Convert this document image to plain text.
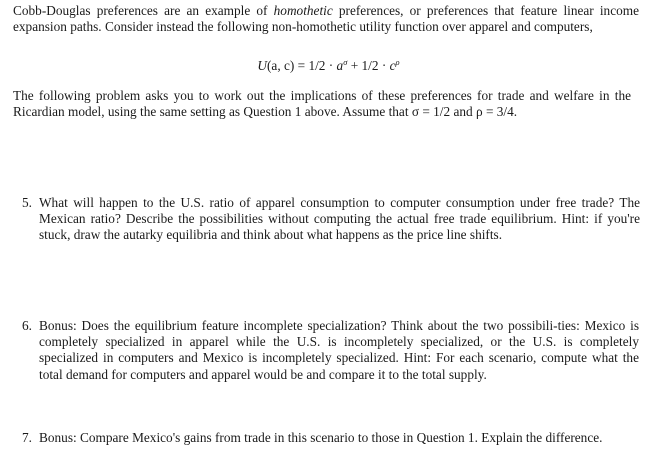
Cobb-Douglas preferences are an example of homothetic preferences, or preferences that feature linear income expansion paths. Consider instead the following non-homothetic utility function over apparel and computers,

U(a, $c) = 1/2 \cdot a^\sigma + 1/2 \cdot c^\rho$

The following problem asks you to work out the implications of these preferences for trade and welfare in the Ricardian model, using the same setting as Question 1 above. Assume that σ = 1/2 and ρ = 3/4.

5. What will happen to the U.S. ratio of apparel consumption to computer consumption under free trade? The Mexican ratio? Describe the possibilities without computing the actual free trade equilibrium. Hint: if you're stuck, draw the autarky equilibria and think about what happens as the price line shifts.

6. Bonus: Does the equilibrium feature incomplete specialization? Think about the two possibili-ties: Mexico is completely specialized in apparel while the U.S. is incompletely specialized, or the U.S. is completely specialized in computers and Mexico is incompletely specialized. Hint: For each scenario, compute what the total demand for computers and apparel would be and compare it to the total supply.

7. Bonus: Compare Mexico's gains from trade in this scenario to those in Question 1. Explain the difference.
